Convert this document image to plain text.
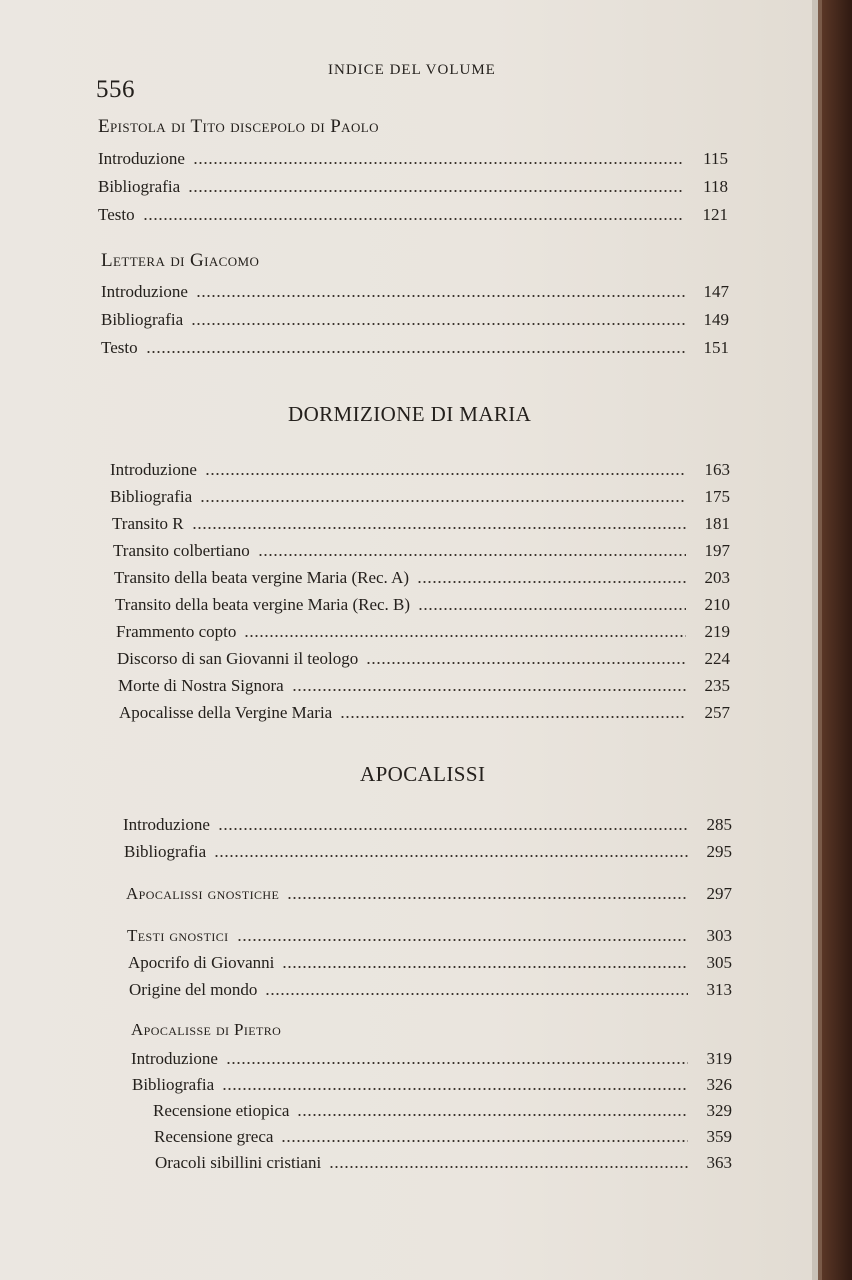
556
INDICE DEL VOLUME
Epistola di Tito discepolo di Paolo
Introduzione	115
Bibliografia	118
Testo	121
Lettera di Giacomo
Introduzione	147
Bibliografia	149
Testo	151
DORMIZIONE DI MARIA
Introduzione	163
Bibliografia	175
Transito R	181
Transito colbertiano	197
Transito della beata vergine Maria (Rec. A)	203
Transito della beata vergine Maria (Rec. B)	210
Frammento copto	219
Discorso di san Giovanni il teologo	224
Morte di Nostra Signora	235
Apocalisse della Vergine Maria	257
APOCALISSI
Introduzione	285
Bibliografia	295
Apocalissi gnostiche	297
Testi gnostici	303
Apocrifo di Giovanni	305
Origine del mondo	313
Apocalisse di Pietro
Introduzione	319
Bibliografia	326
Recensione etiopica	329
Recensione greca	359
Oracoli sibillini cristiani	363
